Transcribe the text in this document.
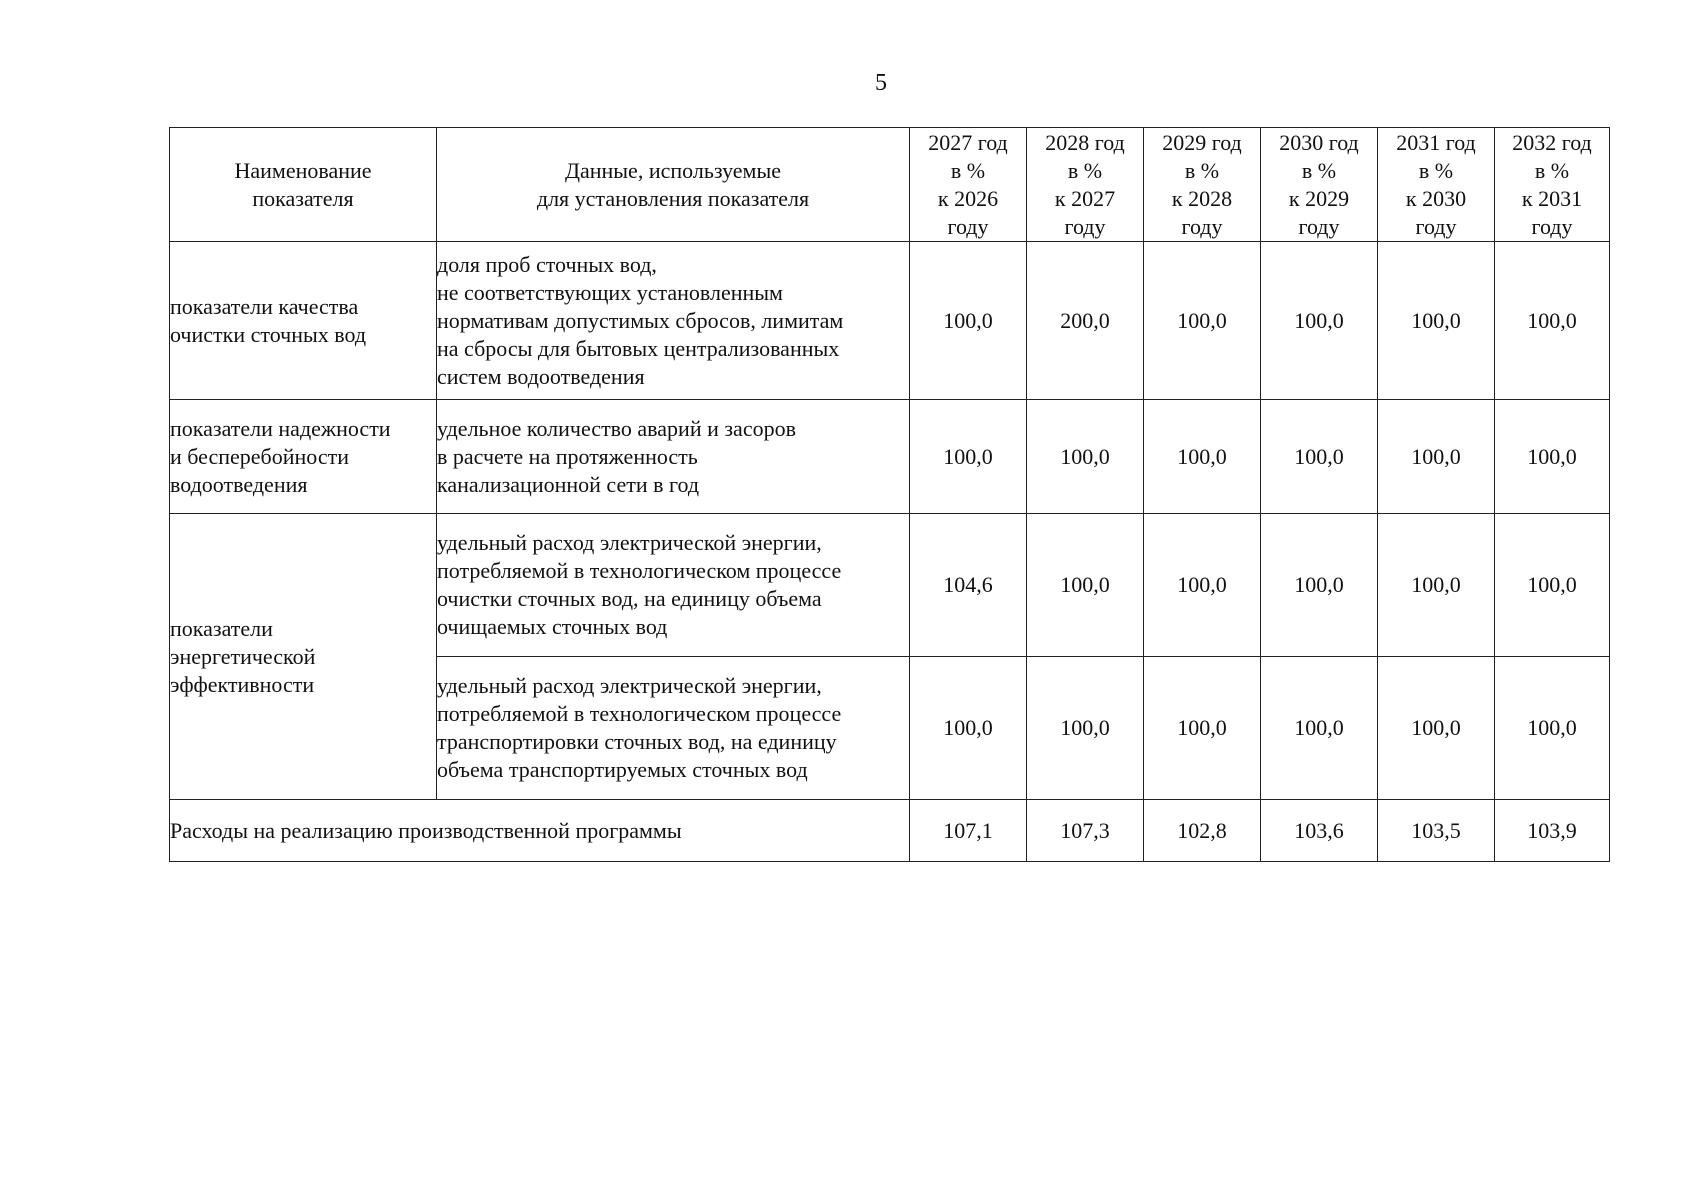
5
Наименование
показателя	Данные, используемые
для установления показателя	2027 год
в %
к 2026
году	2028 год
в %
к 2027
году	2029 год
в %
к 2028
году	2030 год
в %
к 2029
году	2031 год
в %
к 2030
году	2032 год
в %
к 2031
году

показатели качества
очистки сточных вод	доля проб сточных вод,
не соответствующих установленным
нормативам допустимых сбросов, лимитам
на сбросы для бытовых централизованных
систем водоотведения	100,0	200,0	100,0	100,0	100,0	100,0

показатели надежности
и бесперебойности
водоотведения	удельное количество аварий и засоров
в расчете на протяженность
канализационной сети в год	100,0	100,0	100,0	100,0	100,0	100,0

показатели
энергетической
эффективности	удельный расход электрической энергии,
потребляемой в технологическом процессе
очистки сточных вод, на единицу объема
очищаемых сточных вод	104,6	100,0	100,0	100,0	100,0	100,0

	удельный расход электрической энергии,
потребляемой в технологическом процессе
транспортировки сточных вод, на единицу
объема транспортируемых сточных вод	100,0	100,0	100,0	100,0	100,0	100,0
Расходы на реализацию производственной программы		107,1	107,3	102,8	103,6	103,5	103,9
